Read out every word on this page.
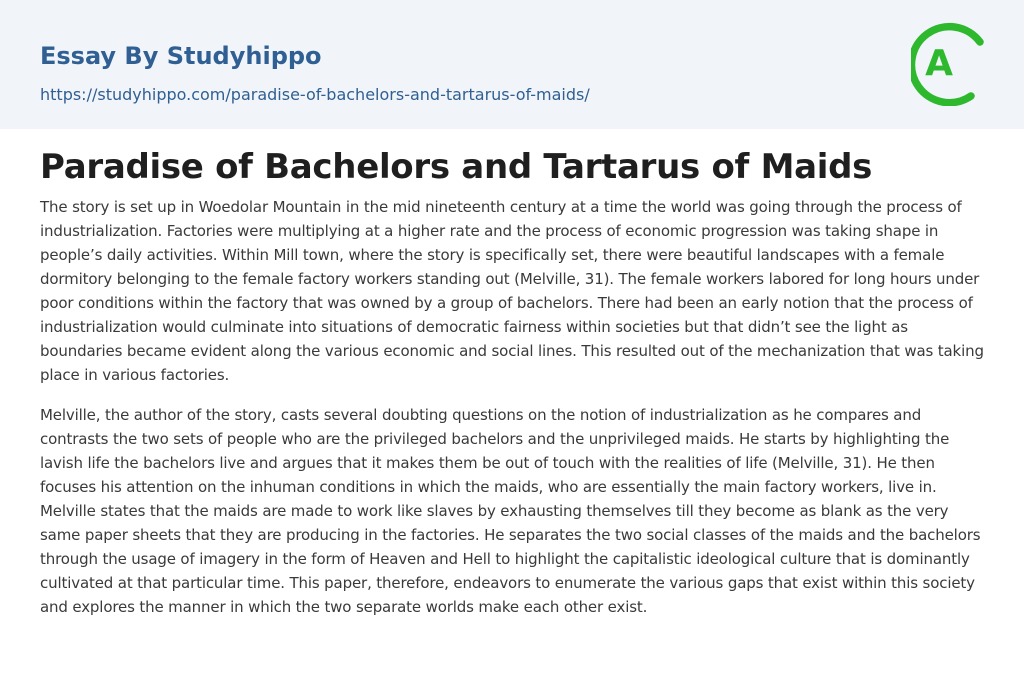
Essay By Studyhippo
https://studyhippo.com/paradise-of-bachelors-and-tartarus-of-maids/
A
Paradise of Bachelors and Tartarus of Maids

The story is set up in Woedolar Mountain in the mid nineteenth century at a time the world was going through the process of industrialization. Factories were multiplying at a higher rate and the process of economic progression was taking shape in people’s daily activities. Within Mill town, where the story is specifically set, there were beautiful landscapes with a female dormitory belonging to the female factory workers standing out (Melville, 31). The female workers labored for long hours under poor conditions within the factory that was owned by a group of bachelors. There had been an early notion that the process of industrialization would culminate into situations of democratic fairness within societies but that didn’t see the light as boundaries became evident along the various economic and social lines. This resulted out of the mechanization that was taking place in various factories.

Melville, the author of the story, casts several doubting questions on the notion of industrialization as he compares and contrasts the two sets of people who are the privileged bachelors and the unprivileged maids. He starts by highlighting the lavish life the bachelors live and argues that it makes them be out of touch with the realities of life (Melville, 31). He then focuses his attention on the inhuman conditions in which the maids, who are essentially the main factory workers, live in. Melville states that the maids are made to work like slaves by exhausting themselves till they become as blank as the very same paper sheets that they are producing in the factories. He separates the two social classes of the maids and the bachelors through the usage of imagery in the form of Heaven and Hell to highlight the capitalistic ideological culture that is dominantly cultivated at that particular time. This paper, therefore, endeavors to enumerate the various gaps that exist within this society and explores the manner in which the two separate worlds make each other exist.
